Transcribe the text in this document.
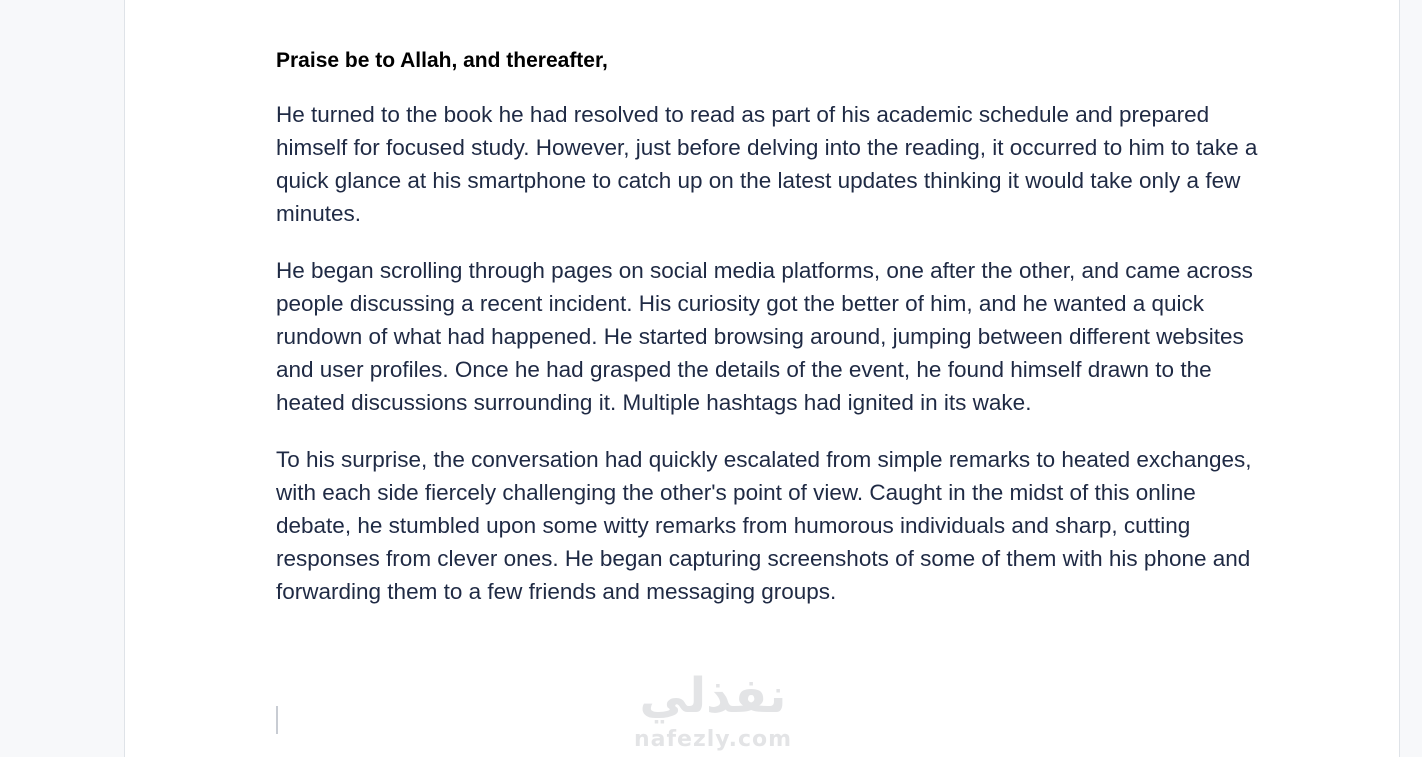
Praise be to Allah, and thereafter,

He turned to the book he had resolved to read as part of his academic schedule and prepared himself for focused study. However, just before delving into the reading, it occurred to him to take a quick glance at his smartphone to catch up on the latest updates thinking it would take only a few minutes.

He began scrolling through pages on social media platforms, one after the other, and came across people discussing a recent incident. His curiosity got the better of him, and he wanted a quick rundown of what had happened. He started browsing around, jumping between different websites and user profiles. Once he had grasped the details of the event, he found himself drawn to the heated discussions surrounding it. Multiple hashtags had ignited in its wake.

To his surprise, the conversation had quickly escalated from simple remarks to heated exchanges, with each side fiercely challenging the other's point of view. Caught in the midst of this online debate, he stumbled upon some witty remarks from humorous individuals and sharp, cutting responses from clever ones. He began capturing screenshots of some of them with his phone and forwarding them to a few friends and messaging groups.
